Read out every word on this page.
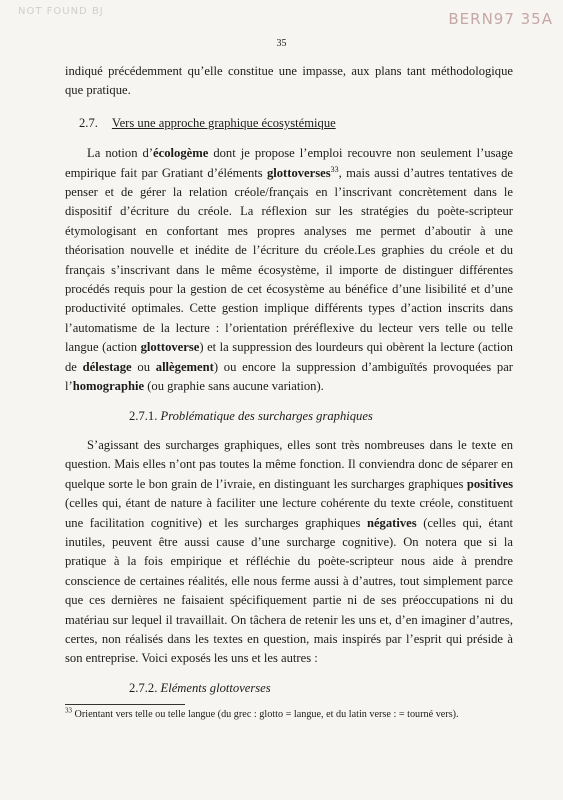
NOT FOUND BJ	BERN97 35A
35

indiqué précédemment qu’elle constitue une impasse, aux plans tant méthodologique que pratique.

2.7. Vers une approche graphique écosystémique

La notion d’écologème dont je propose l’emploi recouvre non seulement l’usage empirique fait par Gratiant d’éléments glottoverses$^{33}$, mais aussi d’autres tentatives de penser et de gérer la relation créole/français en l’inscrivant concrètement dans le dispositif d’écriture du créole. La réflexion sur les stratégies du poète-scripteur étymologisant en confortant mes propres analyses me permet d’aboutir à une théorisation nouvelle et inédite de l’écriture du créole.Les graphies du créole et du français s’inscrivant dans le même écosystème, il importe de distinguer différentes procédés requis pour la gestion de cet écosystème au bénéfice d’une lisibilité et d’une productivité optimales. Cette gestion implique différents types d’action inscrits dans l’automatisme de la lecture : l’orientation préréflexive du lecteur vers telle ou telle langue (action glottoverse) et la suppression des lourdeurs qui obèrent la lecture (action de délestage ou allègement) ou encore la suppression d’ambiguïtés provoquées par l’homographie (ou graphie sans aucune variation).

2.7.1. Problématique des surcharges graphiques

S’agissant des surcharges graphiques, elles sont très nombreuses dans le texte en question. Mais elles n’ont pas toutes la même fonction. Il conviendra donc de séparer en quelque sorte le bon grain de l’ivraie, en distinguant les surcharges graphiques positives (celles qui, étant de nature à faciliter une lecture cohérente du texte créole, constituent une facilitation cognitive) et les surcharges graphiques négatives (celles qui, étant inutiles, peuvent être aussi cause d’une surcharge cognitive). On notera que si la pratique à la fois empirique et réfléchie du poète-scripteur nous aide à prendre conscience de certaines réalités, elle nous ferme aussi à d’autres, tout simplement parce que ces dernières ne faisaient spécifiquement partie ni de ses préoccupations ni du matériau sur lequel il travaillait. On tâchera de retenir les uns et, d’en imaginer d’autres, certes, non réalisés dans les textes en question, mais inspirés par l’esprit qui préside à son entreprise. Voici exposés les uns et les autres :

2.7.2. Eléments glottoverses
$^{33}$ Orientant vers telle ou telle langue (du grec : glotto = langue, et du latin verse : = tourné vers).
